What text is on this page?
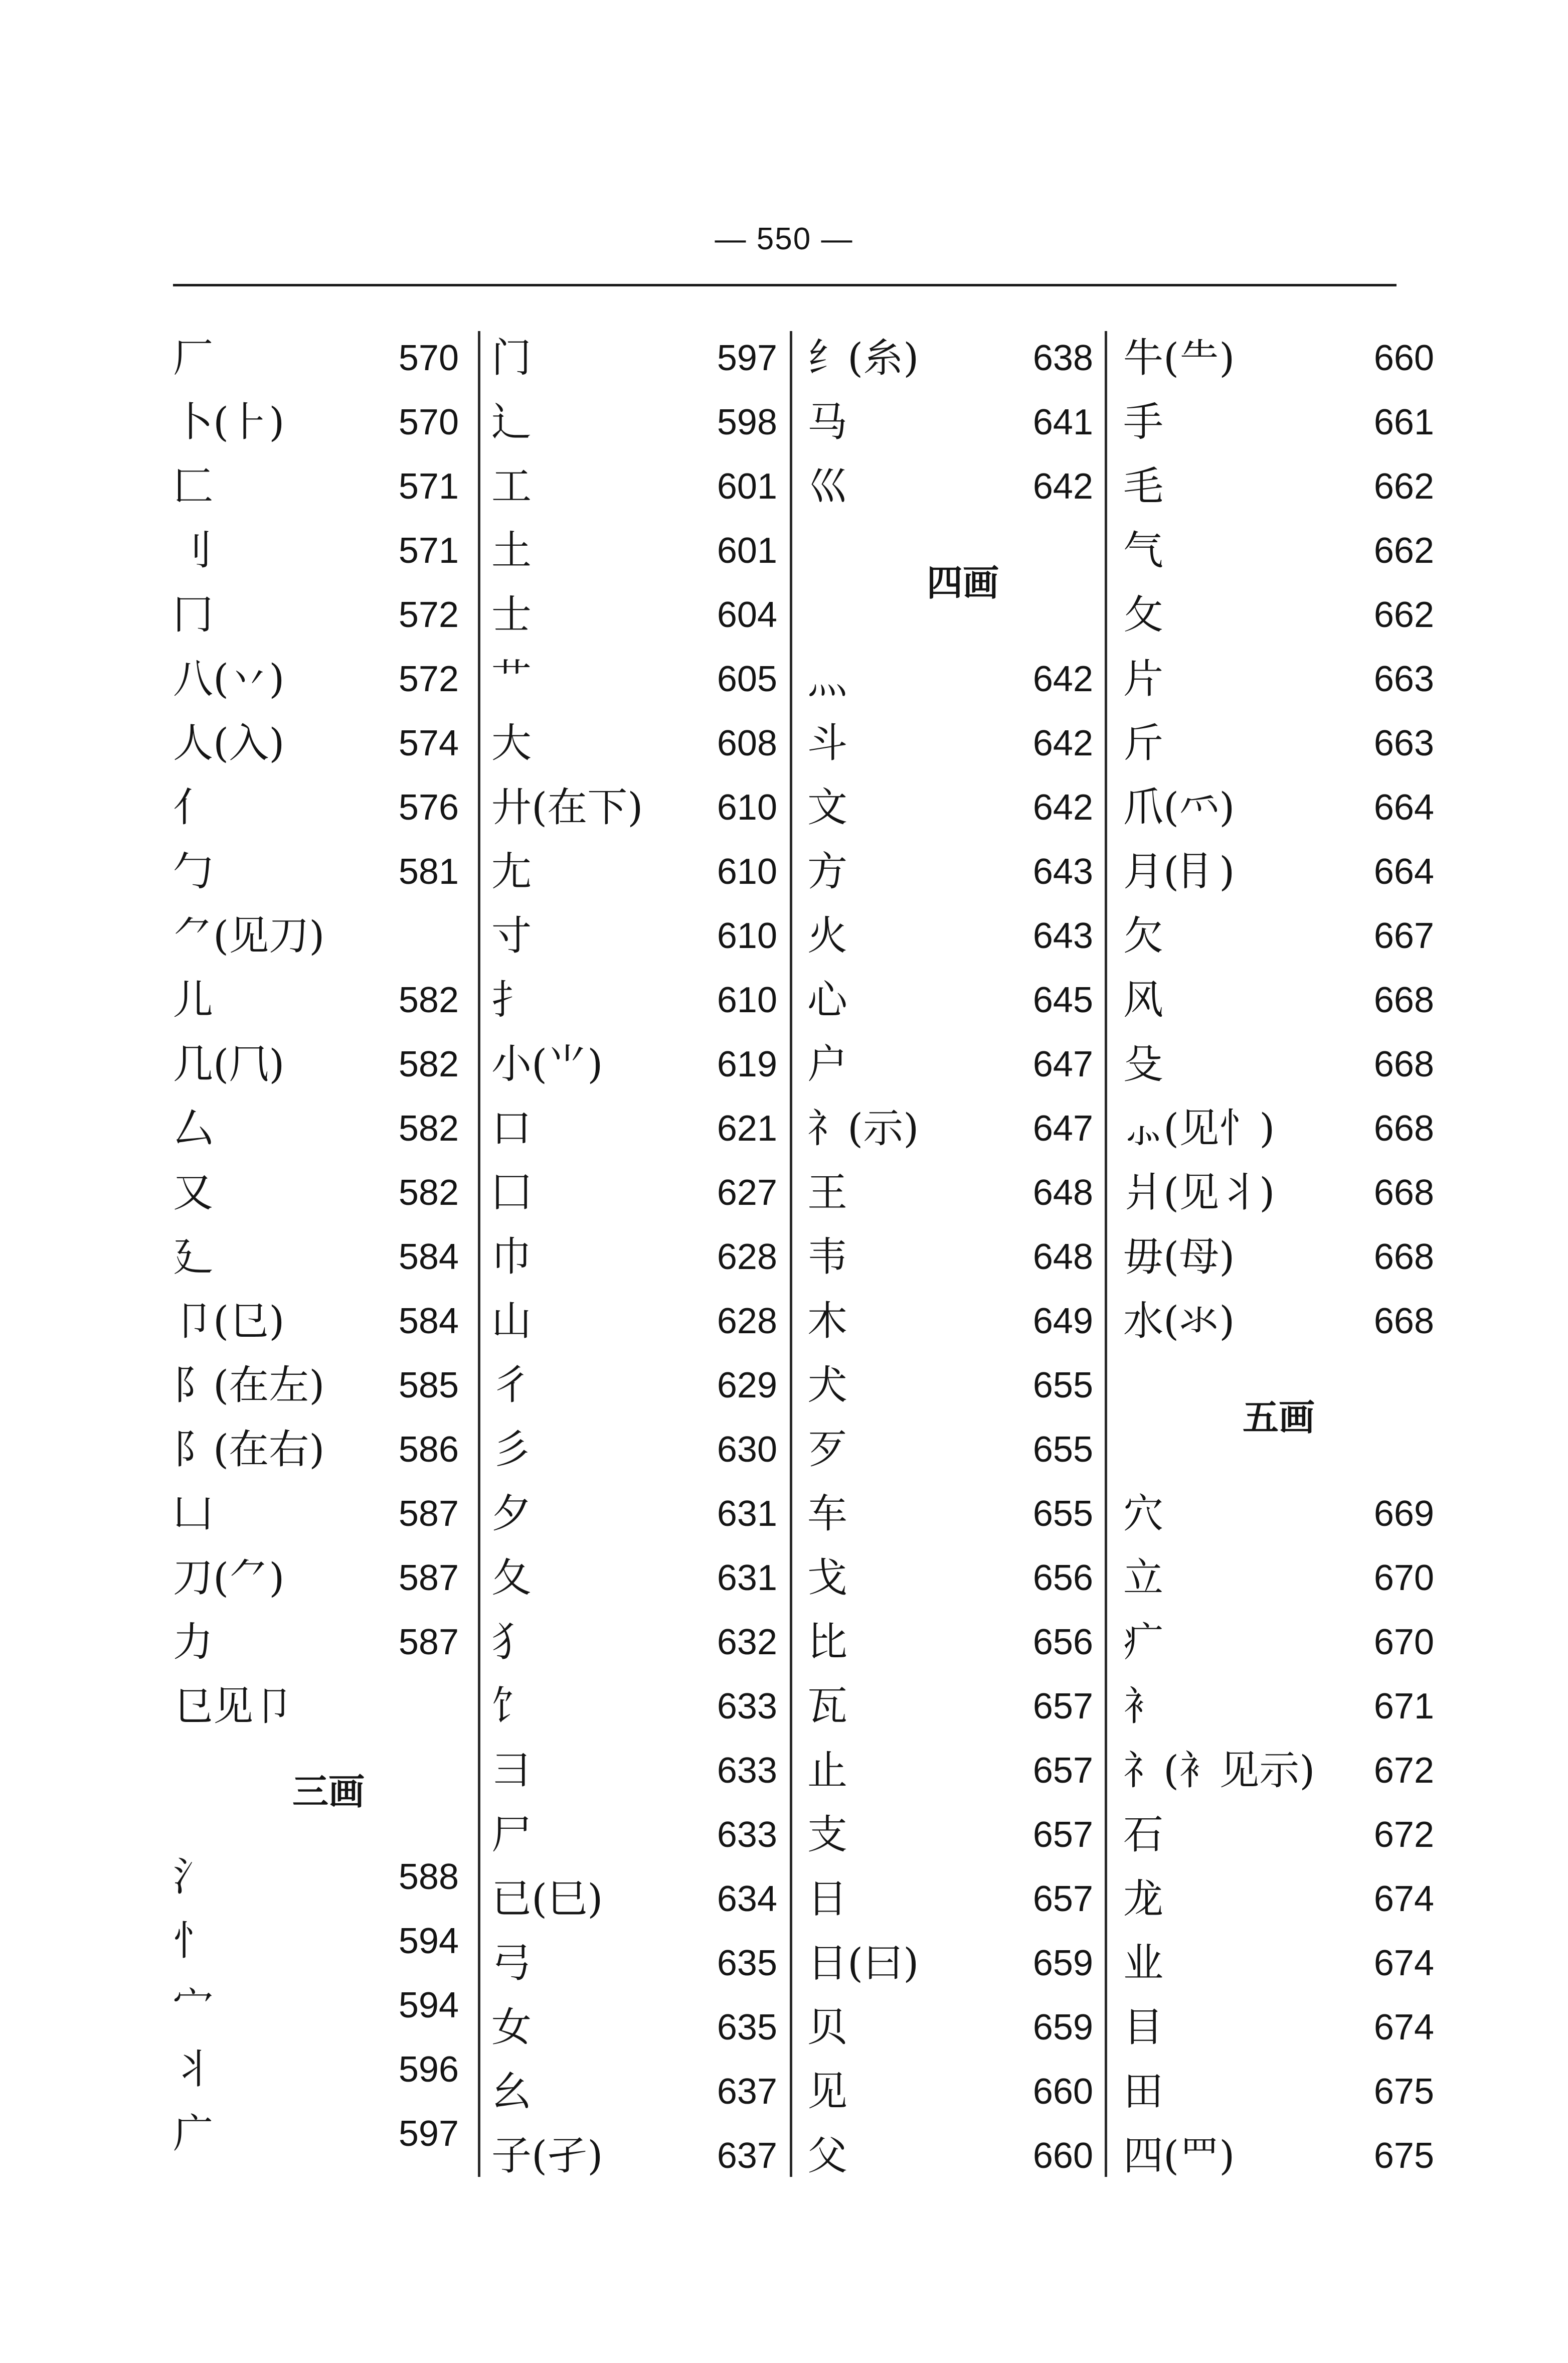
— 550 —
厂	570
卜(⺊)	570
匚	571
刂	571
冂	572
八(丷)	572
人(入)	574
亻	576
勹	581
⺈(见刀)
儿	582
几(⺇)	582
厶	582
又	582
廴	584
卩(㔾)	584
阝(在左) 585
阝(在右) 586
凵	587
刀(⺈)	587
力	587
㔾见卩
三画
氵	588
忄	594
宀	594
丬	596
广	597
门	597
辶	598
工	601
土	601
士	604
艹	605
大	608
廾(在下) 610
尢	610
寸	610
扌	610
小(⺌)	619
口	621
囗	627
巾	628
山	628
彳	629
彡	630
夕	631
夂	631
犭	632
饣	633
彐	633
尸	633
已(巳)	634
弓	635
女	635
幺	637
子(孑)	637
纟(糸)	638
马	641
巛	642
四画
灬	642
斗	642
文	642
方	643
火	643
心	645
户	647
礻(示)	647
王	648
韦	648
木	649
犬	655
歹	655
车	655
戈	656
比	656
瓦	657
止	657
支	657
日	657
日(曰)	659
贝	659
见	660
父	660
牛(⺧)	660
手	661
毛	662
气	662
攵	662
片	663
斤	663
爪(⺤)	664
月(⺝)	664
欠	667
风	668
殳	668
⺗(见忄)	668
爿(见丬)	668
毋(母)	668
水(氺)	668
五画
穴	669
立	670
疒	670
衤	671
礻(衤见示) 672
石	672
龙	674
业	674
目	674
田	675
四(罒)	675
